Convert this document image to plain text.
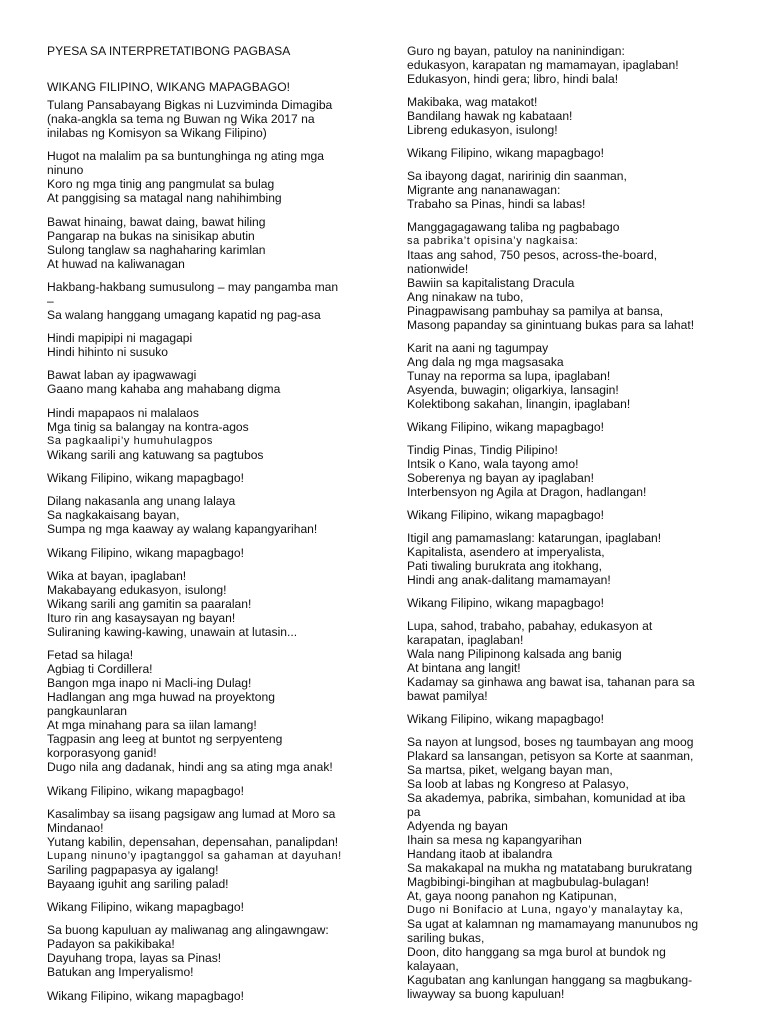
PYESA SA INTERPRETATIBONG PAGBASA

WIKANG FILIPINO, WIKANG MAPAGBAGO!

Tulang Pansabayang Bigkas ni Luzviminda Dimagiba

(naka-angkla sa tema ng Buwan ng Wika 2017 na

inilabas ng Komisyon sa Wikang Filipino)

Hugot na malalim pa sa buntunghinga ng ating mga

ninuno

Koro ng mga tinig ang pangmulat sa bulag

At panggising sa matagal nang nahihimbing

Bawat hinaing, bawat daing, bawat hiling

Pangarap na bukas na sinisikap abutin

Sulong tanglaw sa naghaharing karimlan

At huwad na kaliwanagan

Hakbang-hakbang sumusulong – may pangamba man

–

Sa walang hanggang umagang kapatid ng pag-asa

Hindi mapipipi ni magagapi

Hindi hihinto ni susuko

Bawat laban ay ipagwawagi

Gaano mang kahaba ang mahabang digma

Hindi mapapaos ni malalaos

Mga tinig sa balangay na kontra-agos

Sa pagkaalipi’y humuhulagpos

Wikang sarili ang katuwang sa pagtubos

Wikang Filipino, wikang mapagbago!

Dilang nakasanla ang unang lalaya

Sa nagkakaisang bayan,

Sumpa ng mga kaaway ay walang kapangyarihan!

Wikang Filipino, wikang mapagbago!

Wika at bayan, ipaglaban!

Makabayang edukasyon, isulong!

Wikang sarili ang gamitin sa paaralan!

Ituro rin ang kasaysayan ng bayan!

Suliraning kawing-kawing, unawain at lutasin...

Fetad sa hilaga!

Agbiag ti Cordillera!

Bangon mga inapo ni Macli-ing Dulag!

Hadlangan ang mga huwad na proyektong

pangkaunlaran

At mga minahang para sa iilan lamang!

Tagpasin ang leeg at buntot ng serpyenteng

korporasyong ganid!

Dugo nila ang dadanak, hindi ang sa ating mga anak!

Wikang Filipino, wikang mapagbago!

Kasalimbay sa iisang pagsigaw ang lumad at Moro sa

Mindanao!

Yutang kabilin, depensahan, depensahan, panalipdan!

Lupang ninuno’y ipagtanggol sa gahaman at dayuhan!

Sariling pagpapasya ay igalang!

Bayaang iguhit ang sariling palad!

Wikang Filipino, wikang mapagbago!

Sa buong kapuluan ay maliwanag ang alingawngaw:

Padayon sa pakikibaka!

Dayuhang tropa, layas sa Pinas!

Batukan ang Imperyalismo!

Wikang Filipino, wikang mapagbago!

Guro ng bayan, patuloy na naninindigan:

edukasyon, karapatan ng mamamayan, ipaglaban!

Edukasyon, hindi gera; libro, hindi bala!

Makibaka, wag matakot!

Bandilang hawak ng kabataan!

Libreng edukasyon, isulong!

Wikang Filipino, wikang mapagbago!

Sa ibayong dagat, naririnig din saanman,

Migrante ang nananawagan:

Trabaho sa Pinas, hindi sa labas!

Manggagagawang taliba ng pagbabago

sa pabrika’t opisina’y nagkaisa:

Itaas ang sahod, 750 pesos, across-the-board,

nationwide!

Bawiin sa kapitalistang Dracula

Ang ninakaw na tubo,

Pinagpawisang pambuhay sa pamilya at bansa,

Masong papanday sa ginintuang bukas para sa lahat!

Karit na aani ng tagumpay

Ang dala ng mga magsasaka

Tunay na reporma sa lupa, ipaglaban!

Asyenda, buwagin; oligarkiya, lansagin!

Kolektibong sakahan, linangin, ipaglaban!

Wikang Filipino, wikang mapagbago!

Tindig Pinas, Tindig Pilipino!

Intsik o Kano, wala tayong amo!

Soberenya ng bayan ay ipaglaban!

Interbensyon ng Agila at Dragon, hadlangan!

Wikang Filipino, wikang mapagbago!

Itigil ang pamamaslang: katarungan, ipaglaban!

Kapitalista, asendero at imperyalista,

Pati tiwaling burukrata ang itokhang,

Hindi ang anak-dalitang mamamayan!

Wikang Filipino, wikang mapagbago!

Lupa, sahod, trabaho, pabahay, edukasyon at

karapatan, ipaglaban!

Wala nang Pilipinong kalsada ang banig

At bintana ang langit!

Kadamay sa ginhawa ang bawat isa, tahanan para sa

bawat pamilya!

Wikang Filipino, wikang mapagbago!

Sa nayon at lungsod, boses ng taumbayan ang moog

Plakard sa lansangan, petisyon sa Korte at saanman,

Sa martsa, piket, welgang bayan man,

Sa loob at labas ng Kongreso at Palasyo,

Sa akademya, pabrika, simbahan, komunidad at iba

pa

Adyenda ng bayan

Ihain sa mesa ng kapangyarihan

Handang itaob at ibalandra

Sa makakapal na mukha ng matatabang burukratang

Magbibingi-bingihan at magbubulag-bulagan!

At, gaya noong panahon ng Katipunan,

Dugo ni Bonifacio at Luna, ngayo’y manalaytay ka,

Sa ugat at kalamnan ng mamamayang manunubos ng

sariling bukas,

Doon, dito hanggang sa mga burol at bundok ng

kalayaan,

Kagubatan ang kanlungan hanggang sa magbukang-

liwayway sa buong kapuluan!
